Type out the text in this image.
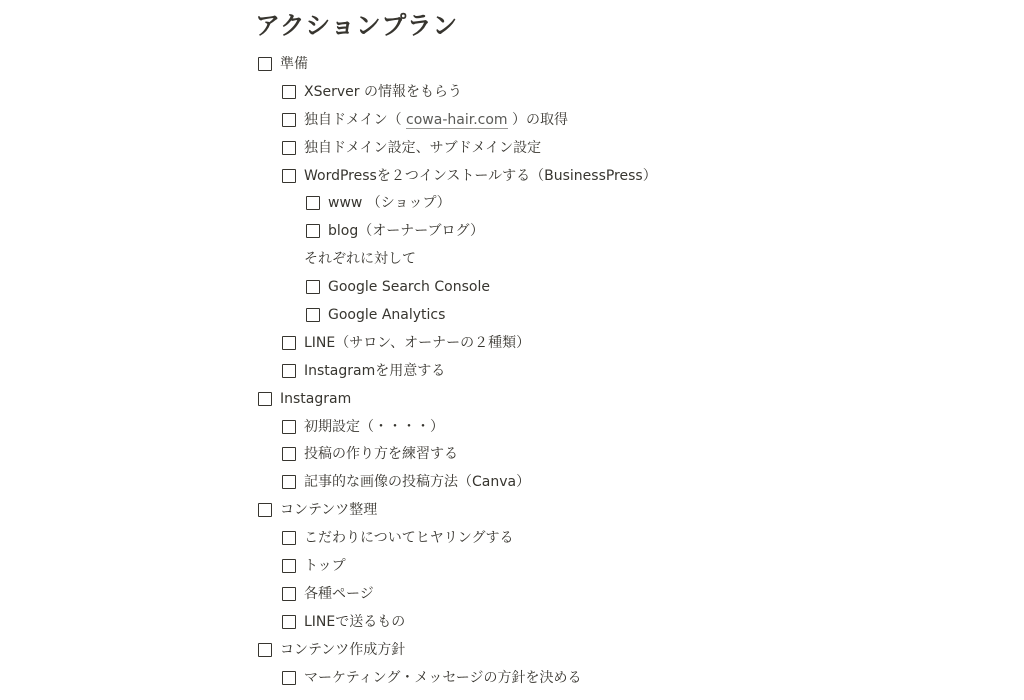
アクションプラン
準備
XServer の情報をもらう
独自ドメイン（ cowa-hair.com ）の取得
独自ドメイン設定、サブドメイン設定
WordPressを２つインストールする（BusinessPress）
www （ショップ）
blog（オーナーブログ）
それぞれに対して
Google Search Console
Google Analytics
LINE（サロン、オーナーの２種類）
Instagramを用意する
Instagram
初期設定（・・・・）
投稿の作り方を練習する
記事的な画像の投稿方法（Canva）
コンテンツ整理
こだわりについてヒヤリングする
トップ
各種ページ
LINEで送るもの
コンテンツ作成方針
マーケティング・メッセージの方針を決める
